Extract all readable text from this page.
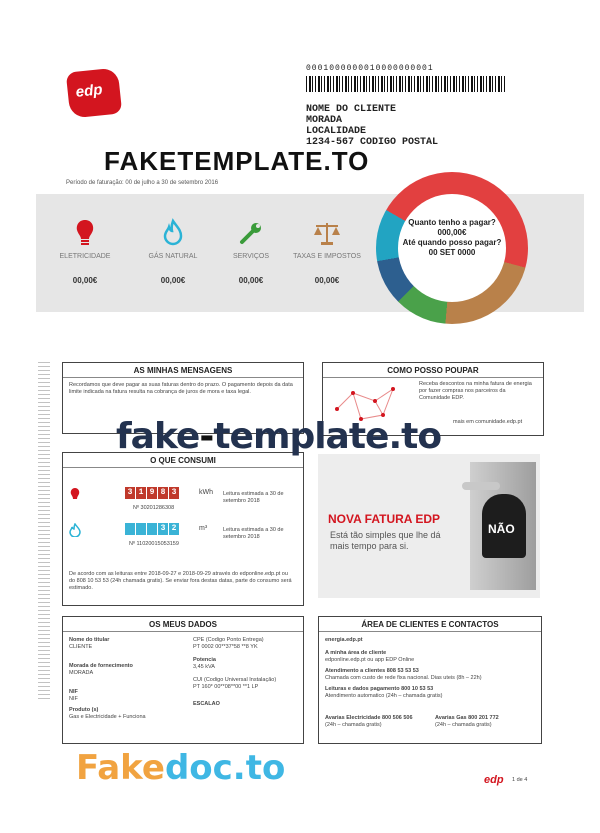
edp
0001000000010000000001
NOME DO CLIENTE
MORADA
LOCALIDADE
1234-567 CODIGO POSTAL
FAKETEMPLATE.TO
Período de faturação: 00 de julho a 30 de setembro 2016
ELETRICIDADE
00,00€
GÁS NATURAL
00,00€
SERVIÇOS
00,00€
TAXAS E IMPOSTOS
00,00€
Quanto tenho a pagar?
000,00€
Até quando posso pagar?
00 SET 0000
AS MINHAS MENSAGENS
Recordamos que deve pagar as suas faturas dentro do prazo. O pagamento depois da data limite indicada na fatura resulta na cobrança de juros de mora e taxa legal.
COMO POSSO POUPAR
Receba descontos na minha fatura de energia por fazer compras nos parceiros da Comunidade EDP.
mais em comunidade.edp.pt
O QUE CONSUMI
3 1 9 8 3	kWh
Nº 30201286308
Leitura estimada a 30 de setembro 2018
3 2	m³
Nº 11020015053159
Leitura estimada a 30 de setembro 2018
De acordo com as leituras entre 2018-09-27 e 2018-09-29 através do edponline.edp.pt ou do 808 10 53 53 (24h chamada gratis). Se enviar fora destas datas, parte do consumo será estimado.
NÃO
NOVA FATURA EDP
Está tão simples que lhe dá mais tempo para si.
fake-template.to
OS MEUS DADOS
Nome do titular
CLIENTE
Morada de fornecimento
MORADA
NIF
NIF
Produto (s)
Gas e Electricidade + Funciona
CPE (Codigo Ponto Entrega)
PT 0002 00**37*58 **8 YK
Potencia
3,45 kVA
CUI (Codigo Universal Instalação)
PT 160* 00**08**00 **1 LP
ESCALAO
ÁREA DE CLIENTES E CONTACTOS
energia.edp.pt
A minha área de cliente
edponline.edp.pt ou app EDP Online
Atendimento a clientes 808 53 53 53
Chamada com custo de rede fixa nacional. Dias uteis (8h – 22h)
Leituras e dados pagamento 800 10 53 53
Atendimento automatico (24h – chamada gratis)
Avarias Electricidade 800 506 506
(24h – chamada gratis)
Avarias Gas 800 201 772
(24h – chamada gratis)
Fakedoc.to	edp 1 de 4
